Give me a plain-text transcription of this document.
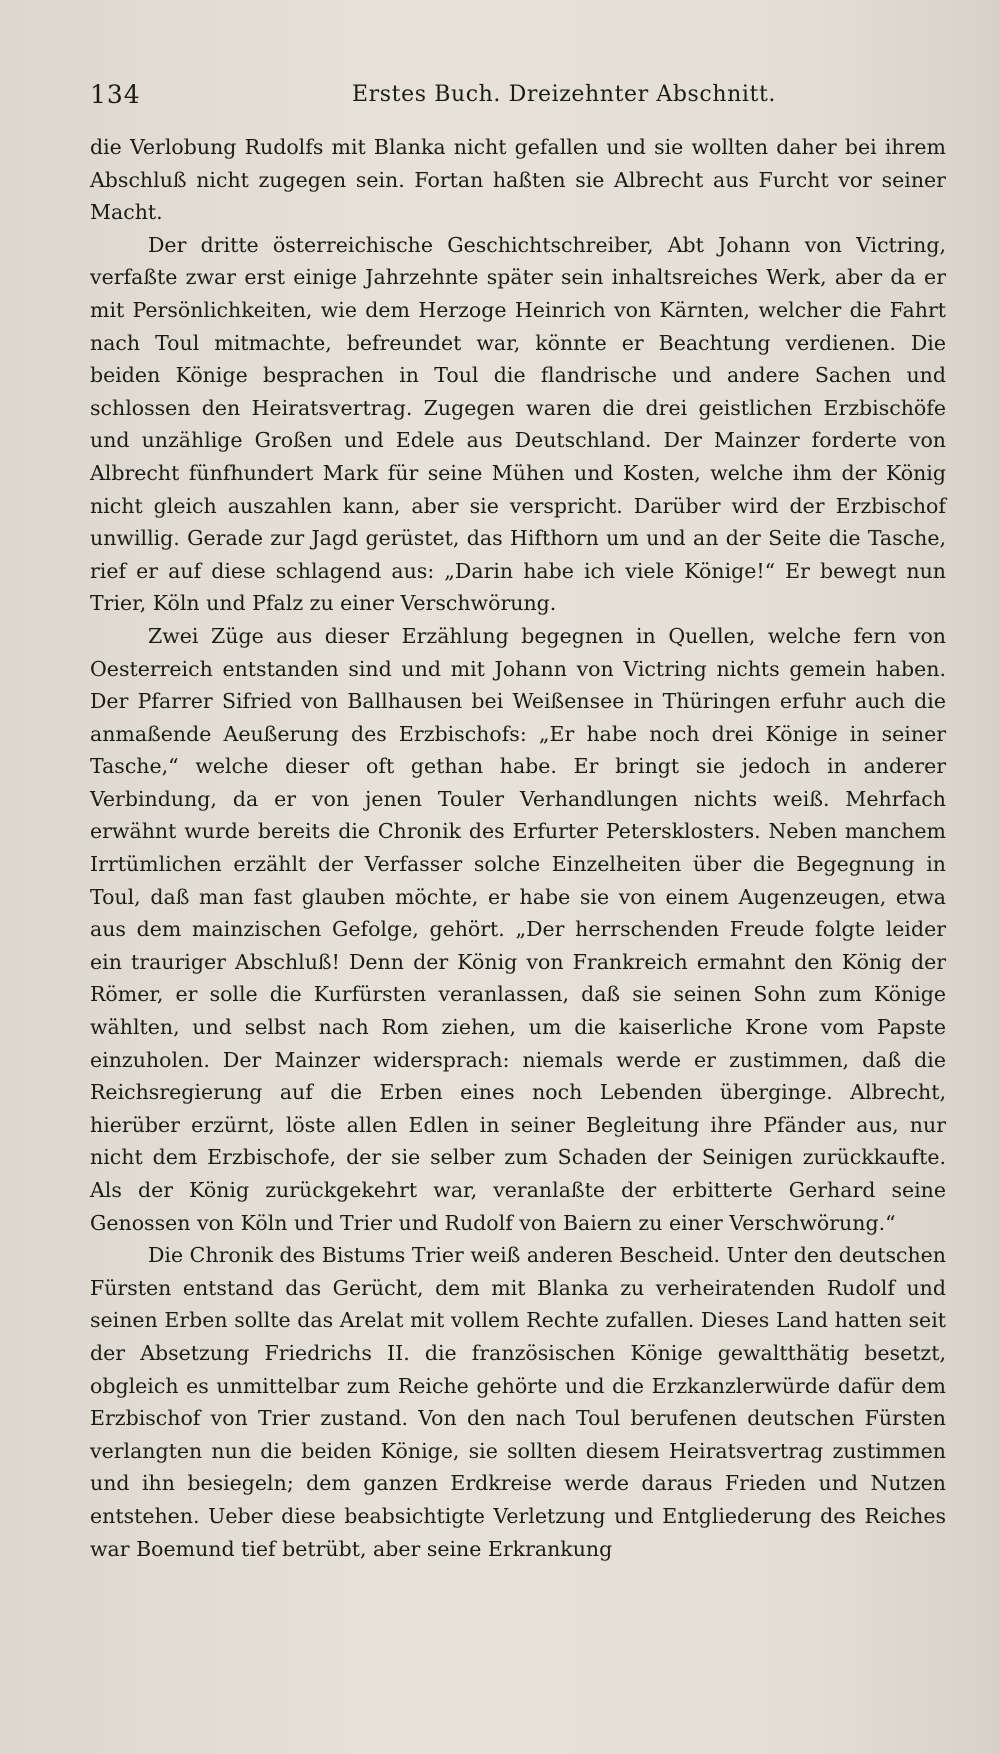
134	Erstes Buch. Dreizehnter Abschnitt.

die Verlobung Rudolfs mit Blanka nicht gefallen und sie wollten daher bei ihrem Abschluß nicht zugegen sein. Fortan haßten sie Albrecht aus Furcht vor seiner Macht.

Der dritte österreichische Geschichtschreiber, Abt Johann von Victring, verfaßte zwar erst einige Jahrzehnte später sein inhaltsreiches Werk, aber da er mit Persönlichkeiten, wie dem Herzoge Heinrich von Kärnten, welcher die Fahrt nach Toul mitmachte, befreundet war, könnte er Beachtung verdienen. Die beiden Könige besprachen in Toul die flandrische und andere Sachen und schlossen den Heiratsvertrag. Zugegen waren die drei geistlichen Erzbischöfe und unzählige Großen und Edele aus Deutschland. Der Mainzer forderte von Albrecht fünfhundert Mark für seine Mühen und Kosten, welche ihm der König nicht gleich auszahlen kann, aber sie verspricht. Darüber wird der Erzbischof unwillig. Gerade zur Jagd gerüstet, das Hifthorn um und an der Seite die Tasche, rief er auf diese schlagend aus: „Darin habe ich viele Könige!“ Er bewegt nun Trier, Köln und Pfalz zu einer Verschwörung.

Zwei Züge aus dieser Erzählung begegnen in Quellen, welche fern von Oesterreich entstanden sind und mit Johann von Victring nichts gemein haben. Der Pfarrer Sifried von Ballhausen bei Weißensee in Thüringen erfuhr auch die anmaßende Aeußerung des Erzbischofs: „Er habe noch drei Könige in seiner Tasche,“ welche dieser oft gethan habe. Er bringt sie jedoch in anderer Verbindung, da er von jenen Touler Verhandlungen nichts weiß. Mehrfach erwähnt wurde bereits die Chronik des Erfurter Petersklosters. Neben manchem Irrtümlichen erzählt der Verfasser solche Einzelheiten über die Begegnung in Toul, daß man fast glauben möchte, er habe sie von einem Augenzeugen, etwa aus dem mainzischen Gefolge, gehört. „Der herrschenden Freude folgte leider ein trauriger Abschluß! Denn der König von Frankreich ermahnt den König der Römer, er solle die Kurfürsten veranlassen, daß sie seinen Sohn zum Könige wählten, und selbst nach Rom ziehen, um die kaiserliche Krone vom Papste einzuholen. Der Mainzer widersprach: niemals werde er zustimmen, daß die Reichsregierung auf die Erben eines noch Lebenden überginge. Albrecht, hierüber erzürnt, löste allen Edlen in seiner Begleitung ihre Pfänder aus, nur nicht dem Erzbischofe, der sie selber zum Schaden der Seinigen zurückkaufte. Als der König zurückgekehrt war, veranlaßte der erbitterte Gerhard seine Genossen von Köln und Trier und Rudolf von Baiern zu einer Verschwörung.“

Die Chronik des Bistums Trier weiß anderen Bescheid. Unter den deutschen Fürsten entstand das Gerücht, dem mit Blanka zu verheiratenden Rudolf und seinen Erben sollte das Arelat mit vollem Rechte zufallen. Dieses Land hatten seit der Absetzung Friedrichs II. die französischen Könige gewaltthätig besetzt, obgleich es unmittelbar zum Reiche gehörte und die Erzkanzlerwürde dafür dem Erzbischof von Trier zustand. Von den nach Toul berufenen deutschen Fürsten verlangten nun die beiden Könige, sie sollten diesem Heiratsvertrag zustimmen und ihn besiegeln; dem ganzen Erdkreise werde daraus Frieden und Nutzen entstehen. Ueber diese beabsichtigte Verletzung und Entgliederung des Reiches war Boemund tief betrübt, aber seine Erkrankung
